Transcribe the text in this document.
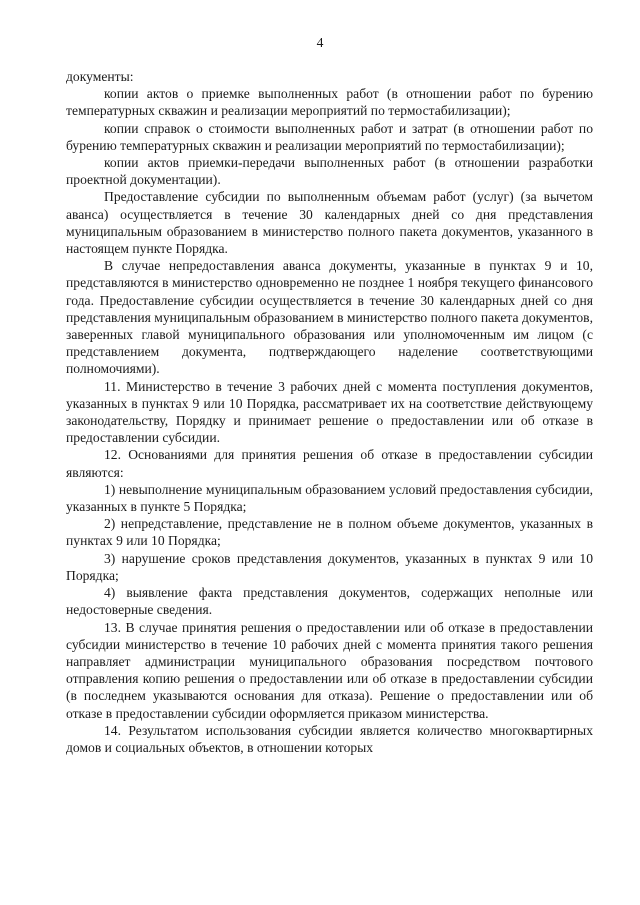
4

документы:

копии актов о приемке выполненных работ (в отношении работ по бурению температурных скважин и реализации мероприятий по термостабилизации);

копии справок о стоимости выполненных работ и затрат (в отношении работ по бурению температурных скважин и реализации мероприятий по термостабилизации);

копии актов приемки-передачи выполненных работ (в отношении разработки проектной документации).

Предоставление субсидии по выполненным объемам работ (услуг) (за вычетом аванса) осуществляется в течение 30 календарных дней со дня представления муниципальным образованием в министерство полного пакета документов, указанного в настоящем пункте Порядка.

В случае непредоставления аванса документы, указанные в пунктах 9 и 10, представляются в министерство одновременно не позднее 1 ноября текущего финансового года. Предоставление субсидии осуществляется в течение 30 календарных дней со дня представления муниципальным образованием в министерство полного пакета документов, заверенных главой муниципального образования или уполномоченным им лицом (с представлением документа, подтверждающего наделение соответствующими полномочиями).

11. Министерство в течение 3 рабочих дней с момента поступления документов, указанных в пунктах 9 или 10 Порядка, рассматривает их на соответствие действующему законодательству, Порядку и принимает решение о предоставлении или об отказе в предоставлении субсидии.

12. Основаниями для принятия решения об отказе в предоставлении субсидии являются:

1) невыполнение муниципальным образованием условий предоставления субсидии, указанных в пункте 5 Порядка;

2) непредставление, представление не в полном объеме документов, указанных в пунктах 9 или 10 Порядка;

3) нарушение сроков представления документов, указанных в пунктах 9 или 10 Порядка;

4) выявление факта представления документов, содержащих неполные или недостоверные сведения.

13. В случае принятия решения о предоставлении или об отказе в предоставлении субсидии министерство в течение 10 рабочих дней с момента принятия такого решения направляет администрации муниципального образования посредством почтового отправления копию решения о предоставлении или об отказе в предоставлении субсидии (в последнем указываются основания для отказа). Решение о предоставлении или об отказе в предоставлении субсидии оформляется приказом министерства.

14. Результатом использования субсидии является количество многоквартирных домов и социальных объектов, в отношении которых
